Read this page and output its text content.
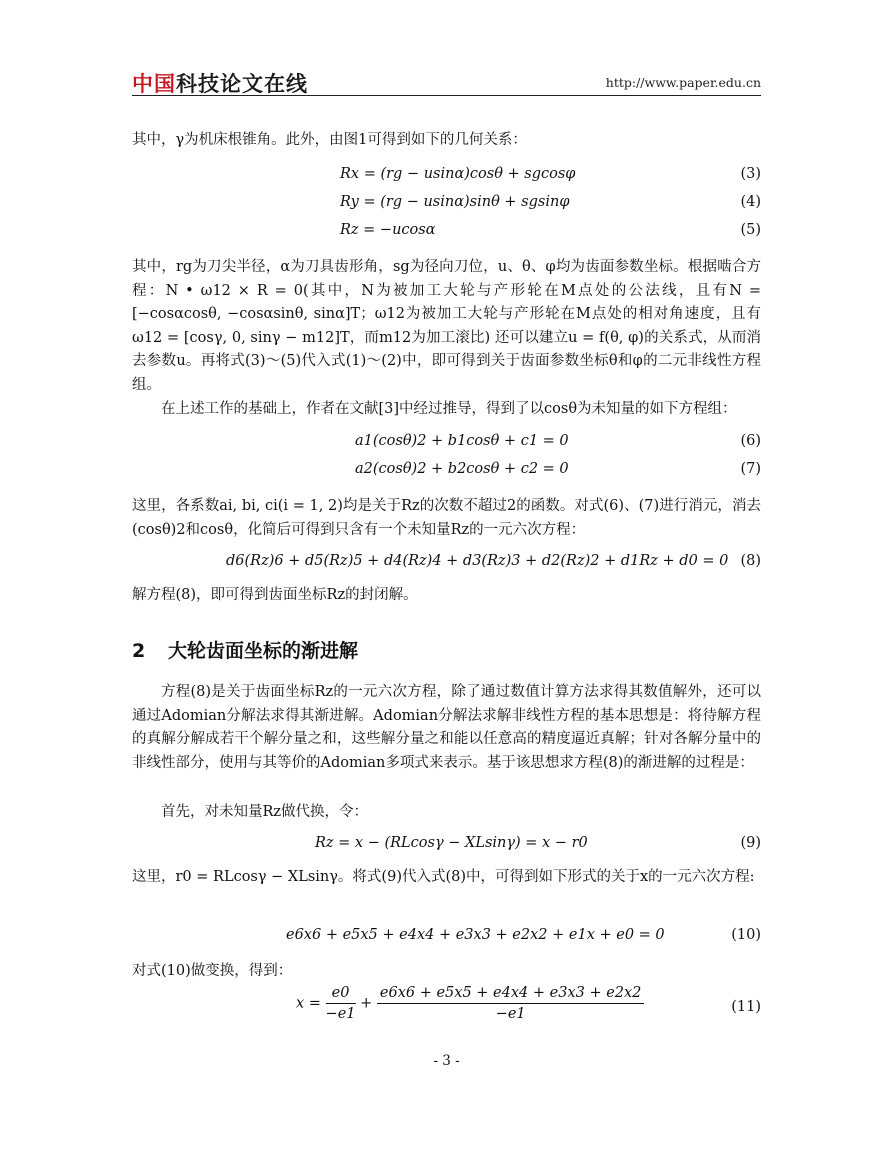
中国科技论文在线	http://www.paper.edu.cn
其中，γ为机床根锥角。此外，由图1可得到如下的几何关系：
Rx = (rg − usinα)cosθ + sgcosφ	(3)
Ry = (rg − usinα)sinθ + sgsinφ	(4)
Rz = −ucosα	(5)
其中，rg为刀尖半径，α为刀具齿形角，sg为径向刀位，u、θ、φ均为齿面参数坐标。根据啮合方程：N • ω12 × R = 0(其中，N为被加工大轮与产形轮在M点处的公法线，且有N = [−cosαcosθ, −cosαsinθ, sinα]T；ω12为被加工大轮与产形轮在M点处的相对角速度，且有ω12 = [cosγ, 0, sinγ − m12]T，而m12为加工滚比) 还可以建立u = f(θ, φ)的关系式，从而消去参数u。再将式(3)～(5)代入式(1)～(2)中，即可得到关于齿面参数坐标θ和φ的二元非线性方程组。
在上述工作的基础上，作者在文献[3]中经过推导，得到了以cosθ为未知量的如下方程组：
a1(cosθ)2 + b1cosθ + c1 = 0	(6)
a2(cosθ)2 + b2cosθ + c2 = 0	(7)
这里，各系数ai, bi, ci(i = 1, 2)均是关于Rz的次数不超过2的函数。对式(6)、(7)进行消元，消去(cosθ)2和cosθ，化简后可得到只含有一个未知量Rz的一元六次方程：
d6(Rz)6 + d5(Rz)5 + d4(Rz)4 + d3(Rz)3 + d2(Rz)2 + d1Rz + d0 = 0 (8)
解方程(8)，即可得到齿面坐标Rz的封闭解。
2 大轮齿面坐标的渐进解
方程(8)是关于齿面坐标Rz的一元六次方程，除了通过数值计算方法求得其数值解外，还可以通过Adomian分解法求得其渐进解。Adomian分解法求解非线性方程的基本思想是：将待解方程的真解分解成若干个解分量之和，这些解分量之和能以任意高的精度逼近真解；针对各解分量中的非线性部分，使用与其等价的Adomian多项式来表示。基于该思想求方程(8)的渐进解的过程是：
首先，对未知量Rz做代换，令：
Rz = x − (RLcosγ − XLsinγ) = x − r0	(9)
这里，r0 = RLcosγ − XLsinγ。将式(9)代入式(8)中，可得到如下形式的关于x的一元六次方程:
e6x6 + e5x5 + e4x4 + e3x3 + e2x2 + e1x + e0 = 0	(10)
对式(10)做变换，得到：
$x = \frac{e0}{-e1} + \frac{e6x6 + e5x5 + e4x4 + e3x3 + e2x2}{-e1}$	(11)
- 3 -
